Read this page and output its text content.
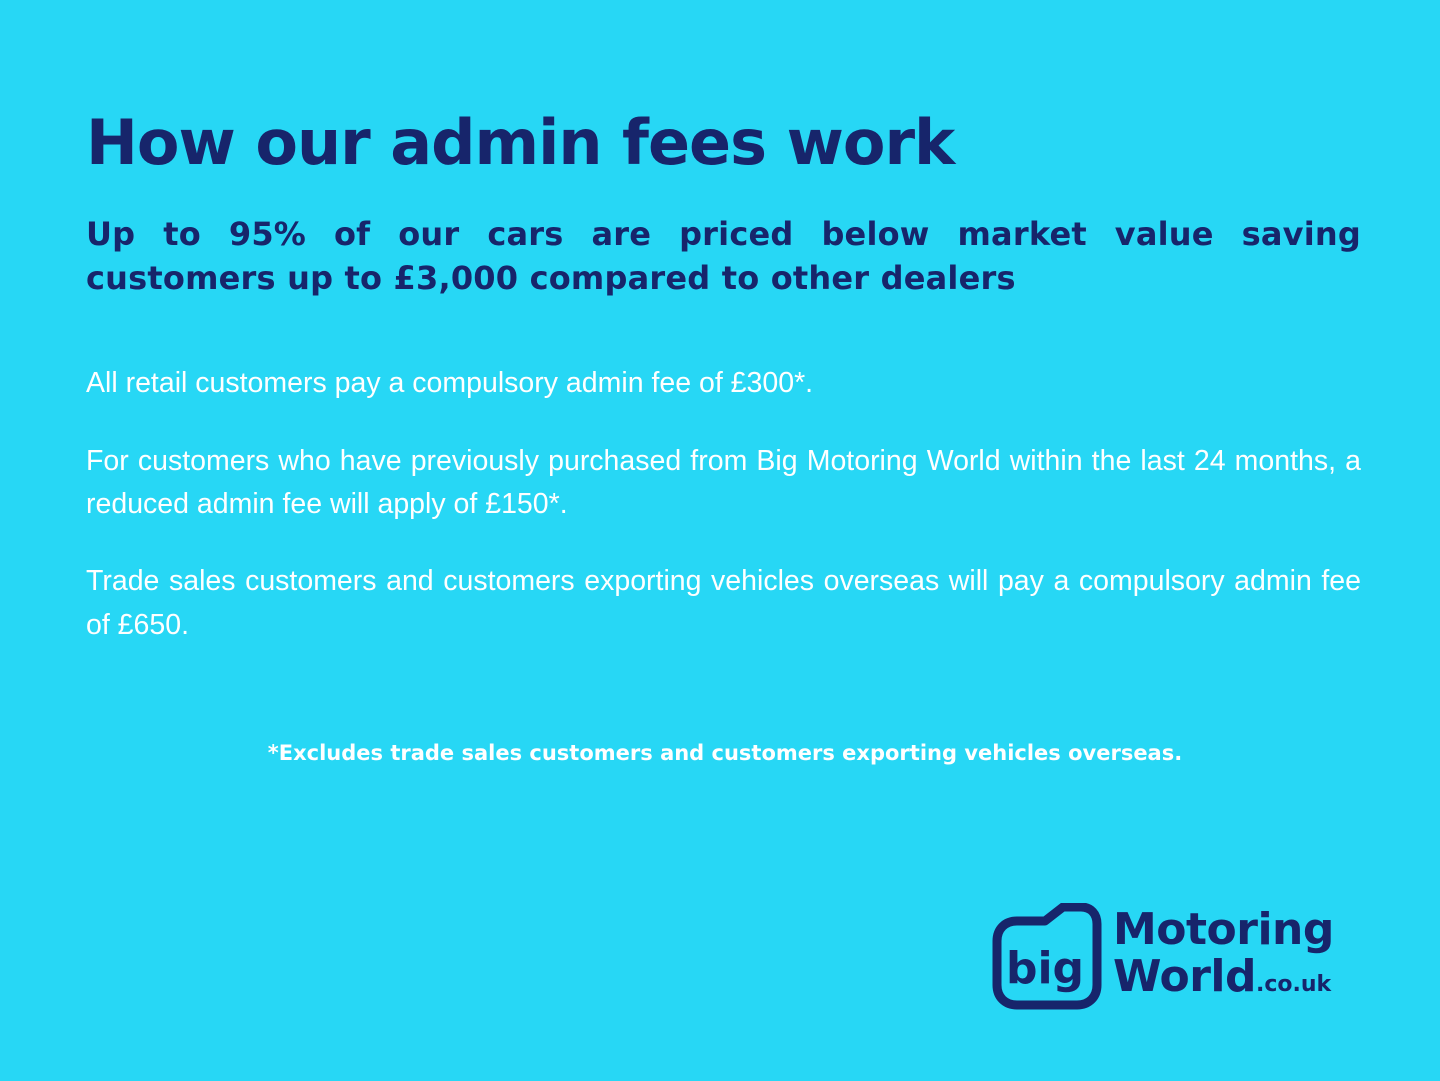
How our admin fees work

Up to 95% of our cars are priced below market value saving customers up to £3,000 compared to other dealers

All retail customers pay a compulsory admin fee of £300*.

For customers who have previously purchased from Big Motoring World within the last 24 months, a reduced admin fee will apply of £150*.

Trade sales customers and customers exporting vehicles overseas will pay a compulsory admin fee of £650.

*Excludes trade sales customers and customers exporting vehicles overseas.

big
Motoring
World.co.uk
